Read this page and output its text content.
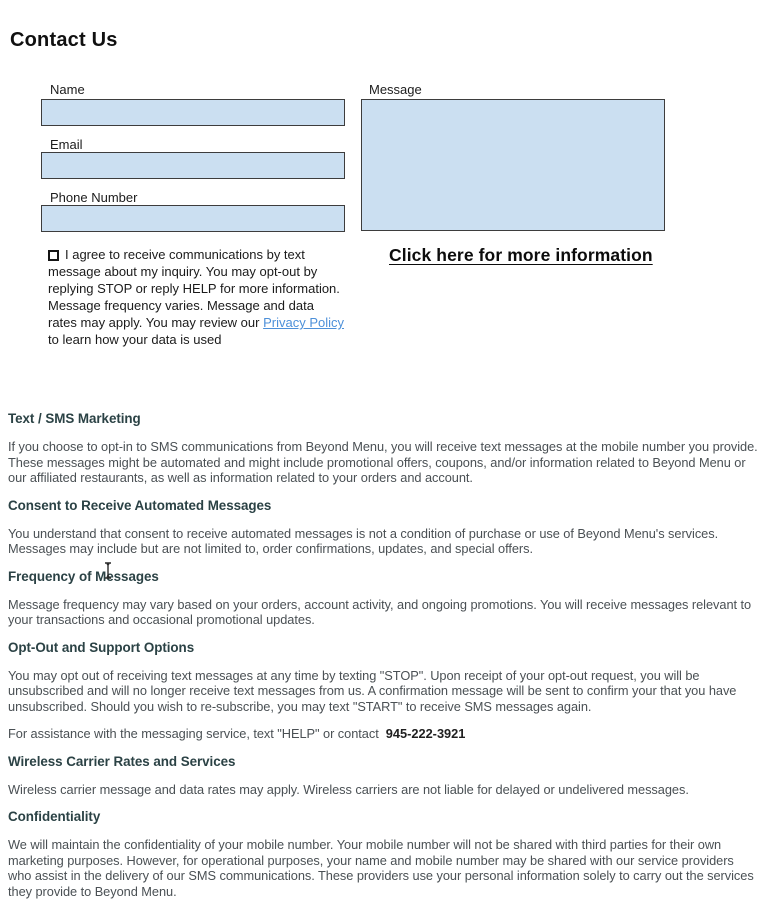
Contact Us
Name
Email
Phone Number
Message
I agree to receive communications by text message about my inquiry. You may opt-out by replying STOP or reply HELP for more information. Message frequency varies. Message and data rates may apply. You may review our Privacy Policy to learn how your data is used
Click here for more information
Text / SMS Marketing

If you choose to opt-in to SMS communications from Beyond Menu, you will receive text messages at the mobile number you provide. These messages might be automated and might include promotional offers, coupons, and/or information related to Beyond Menu or our affiliated restaurants, as well as information related to your orders and account.

Consent to Receive Automated Messages

You understand that consent to receive automated messages is not a condition of purchase or use of Beyond Menu's services. Messages may include but are not limited to, order confirmations, updates, and special offers.

Frequency of Messages

Message frequency may vary based on your orders, account activity, and ongoing promotions. You will receive messages relevant to your transactions and occasional promotional updates.

Opt-Out and Support Options

You may opt out of receiving text messages at any time by texting "STOP". Upon receipt of your opt-out request, you will be unsubscribed and will no longer receive text messages from us. A confirmation message will be sent to confirm your that you have unsubscribed. Should you wish to re-subscribe, you may text "START" to receive SMS messages again.

For assistance with the messaging service, text "HELP" or contact 945-222-3921

Wireless Carrier Rates and Services

Wireless carrier message and data rates may apply. Wireless carriers are not liable for delayed or undelivered messages.

Confidentiality

We will maintain the confidentiality of your mobile number. Your mobile number will not be shared with third parties for their own marketing purposes. However, for operational purposes, your name and mobile number may be shared with our service providers who assist in the delivery of our SMS communications. These providers use your personal information solely to carry out the services they provide to Beyond Menu.
